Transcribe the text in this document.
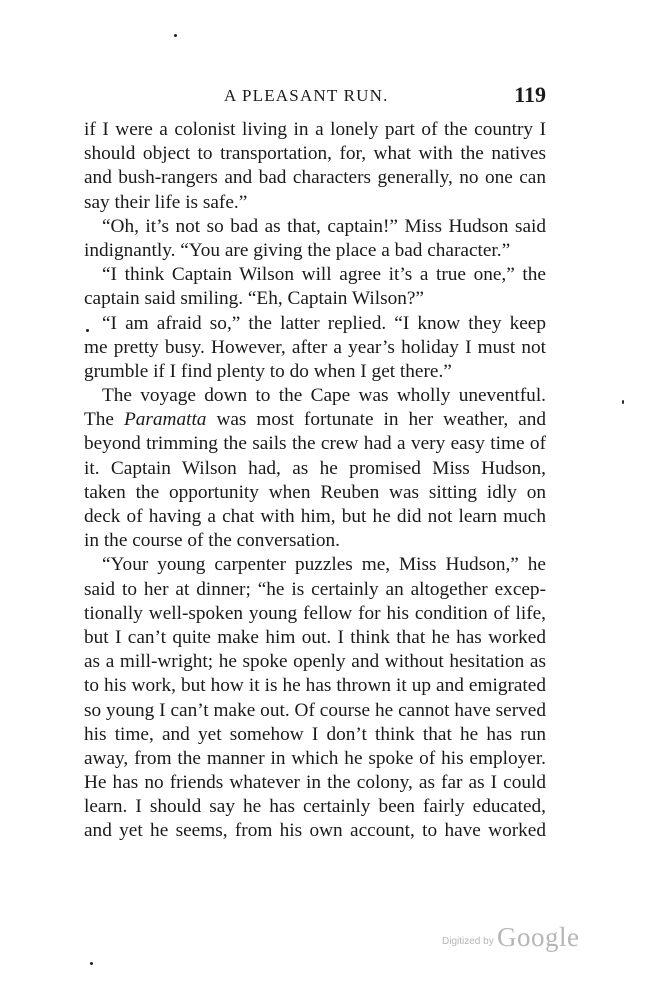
A PLEASANT RUN.	119
if I were a colonist living in a lonely part of the country I
should object to transportation, for, what with the natives
and bush-rangers and bad characters generally, no one can
say their life is safe.”
“Oh, it’s not so bad as that, captain!” Miss Hudson said
indignantly. “You are giving the place a bad character.”
“I think Captain Wilson will agree it’s a true one,” the
captain said smiling. “Eh, Captain Wilson?”
“I am afraid so,” the latter replied. “I know they keep
me pretty busy. However, after a year’s holiday I must not
grumble if I find plenty to do when I get there.”
The voyage down to the Cape was wholly uneventful.
The Paramatta was most fortunate in her weather, and
beyond trimming the sails the crew had a very easy time of
it. Captain Wilson had, as he promised Miss Hudson,
taken the opportunity when Reuben was sitting idly on
deck of having a chat with him, but he did not learn much
in the course of the conversation.
“Your young carpenter puzzles me, Miss Hudson,” he
said to her at dinner; “he is certainly an altogether excep-
tionally well-spoken young fellow for his condition of life,
but I can’t quite make him out. I think that he has worked
as a mill-wright; he spoke openly and without hesitation as
to his work, but how it is he has thrown it up and emigrated
so young I can’t make out. Of course he cannot have served
his time, and yet somehow I don’t think that he has run
away, from the manner in which he spoke of his employer.
He has no friends whatever in the colony, as far as I could
learn. I should say he has certainly been fairly educated,
and yet he seems, from his own account, to have worked
Digitized by Google
